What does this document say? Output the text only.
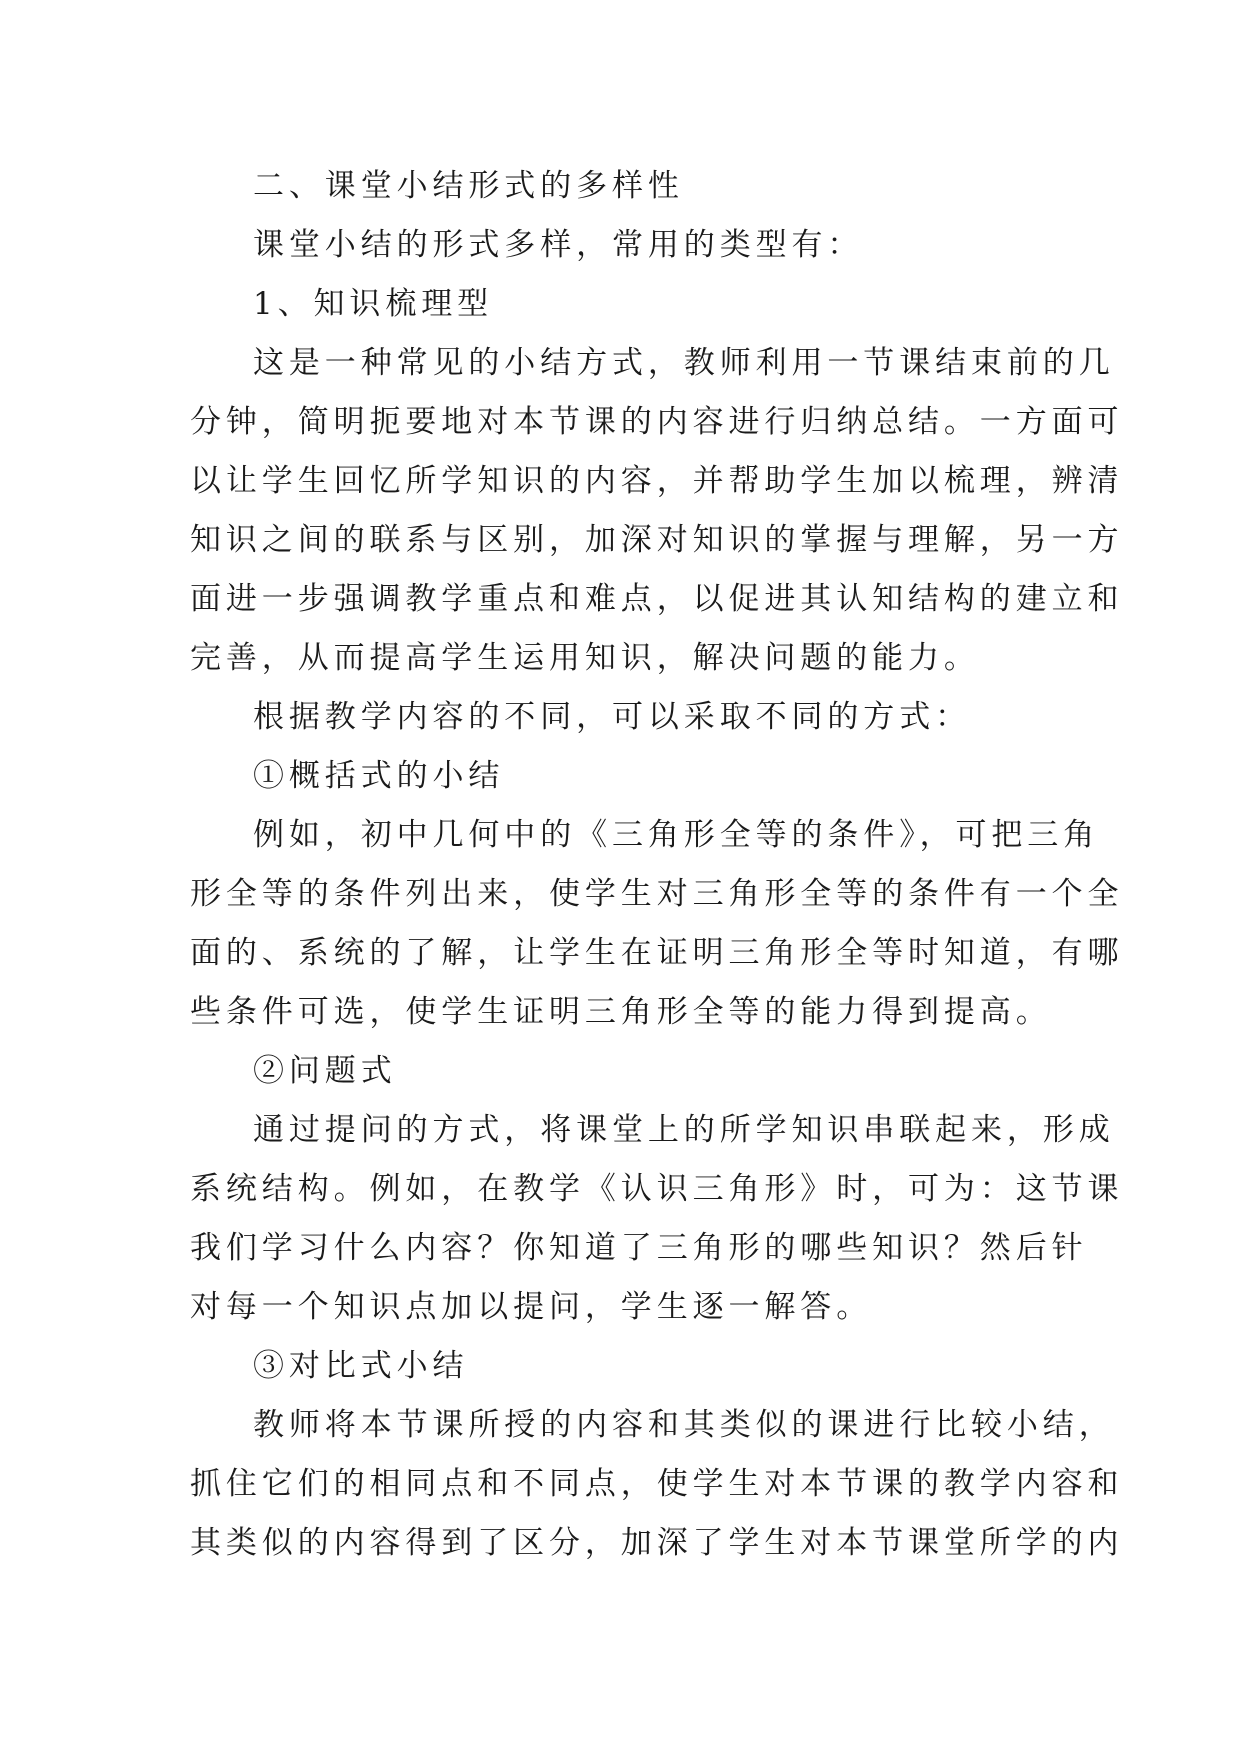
二、课堂小结形式的多样性
课堂小结的形式多样，常用的类型有：
1、知识梳理型
这是一种常见的小结方式，教师利用一节课结束前的几
分钟，简明扼要地对本节课的内容进行归纳总结。一方面可
以让学生回忆所学知识的内容，并帮助学生加以梳理，辨清
知识之间的联系与区别，加深对知识的掌握与理解，另一方
面进一步强调教学重点和难点，以促进其认知结构的建立和
完善，从而提高学生运用知识，解决问题的能力。
根据教学内容的不同，可以采取不同的方式：
①概括式的小结
例如，初中几何中的《三角形全等的条件》，可把三角
形全等的条件列出来，使学生对三角形全等的条件有一个全
面的、系统的了解，让学生在证明三角形全等时知道，有哪
些条件可选，使学生证明三角形全等的能力得到提高。
②问题式
通过提问的方式，将课堂上的所学知识串联起来，形成
系统结构。例如，在教学《认识三角形》时，可为：这节课
我们学习什么内容？你知道了三角形的哪些知识？然后针
对每一个知识点加以提问，学生逐一解答。
③对比式小结
教师将本节课所授的内容和其类似的课进行比较小结，
抓住它们的相同点和不同点，使学生对本节课的教学内容和
其类似的内容得到了区分，加深了学生对本节课堂所学的内
